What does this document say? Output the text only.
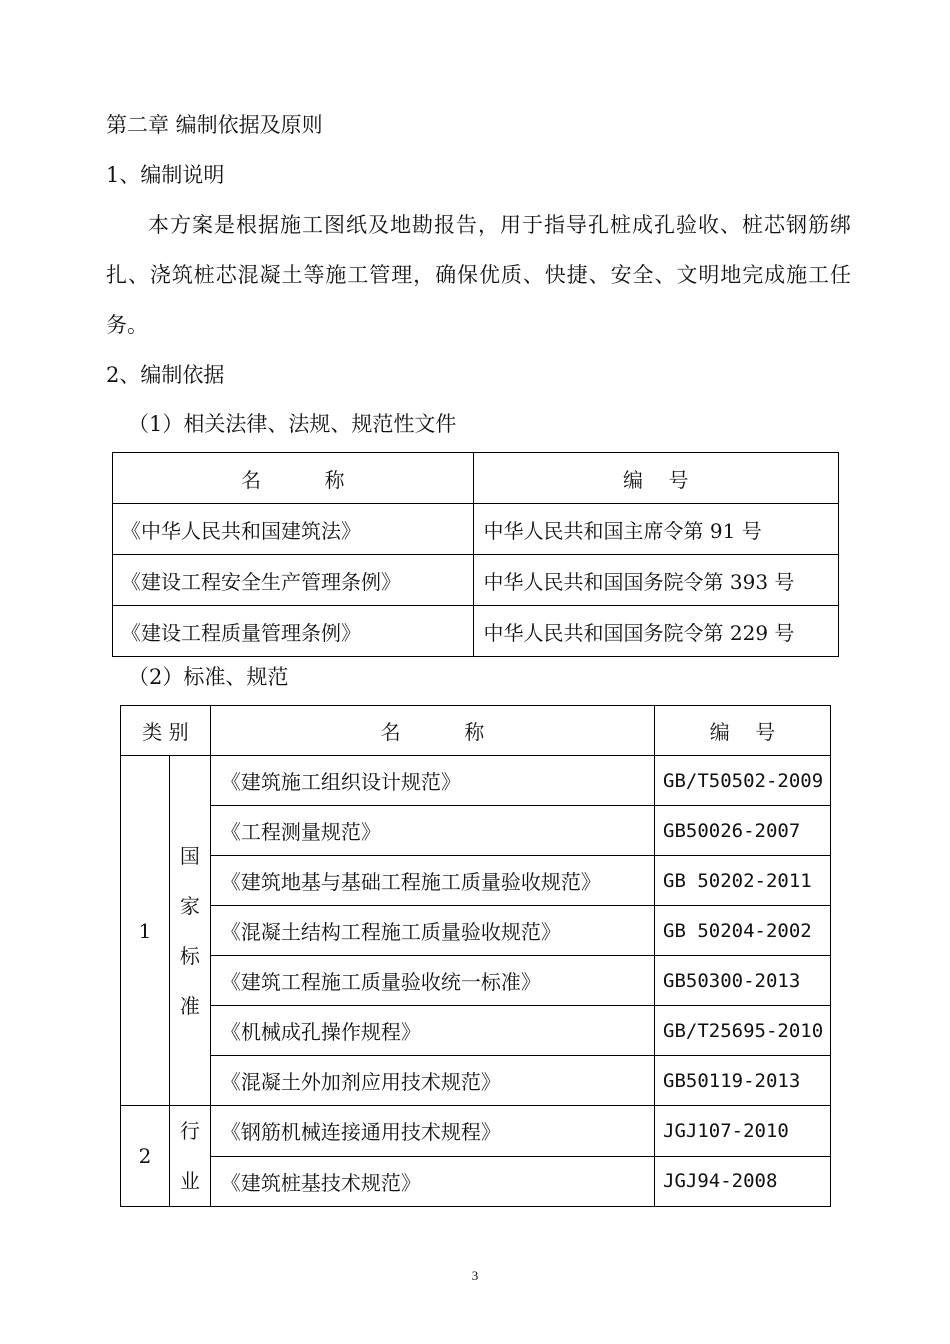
第二章 编制依据及原则
1、编制说明
本方案是根据施工图纸及地勘报告，用于指导孔桩成孔验收、桩芯钢筋绑扎、浇筑桩芯混凝土等施工管理，确保优质、快捷、安全、文明地完成施工任务。
2、编制依据
（1）相关法律、法规、规范性文件
名          称	编    号
《中华人民共和国建筑法》	中华人民共和国主席令第 91 号
《建设工程安全生产管理条例》	中华人民共和国国务院令第 393 号
《建设工程质量管理条例》	中华人民共和国国务院令第 229 号
（2）标准、规范
类 别		名          称	编    号
1	国
家
标
准	《建筑施工组织设计规范》	GB/T50502-2009
		《工程测量规范》	GB50026-2007
		《建筑地基与基础工程施工质量验收规范》	GB 50202-2011
		《混凝土结构工程施工质量验收规范》	GB 50204-2002
		《建筑工程施工质量验收统一标准》	GB50300-2013
		《机械成孔操作规程》	GB/T25695-2010
		《混凝土外加剂应用技术规范》	GB50119-2013
2	行
业	《钢筋机械连接通用技术规程》	JGJ107-2010
		《建筑桩基技术规范》	JGJ94-2008
3
